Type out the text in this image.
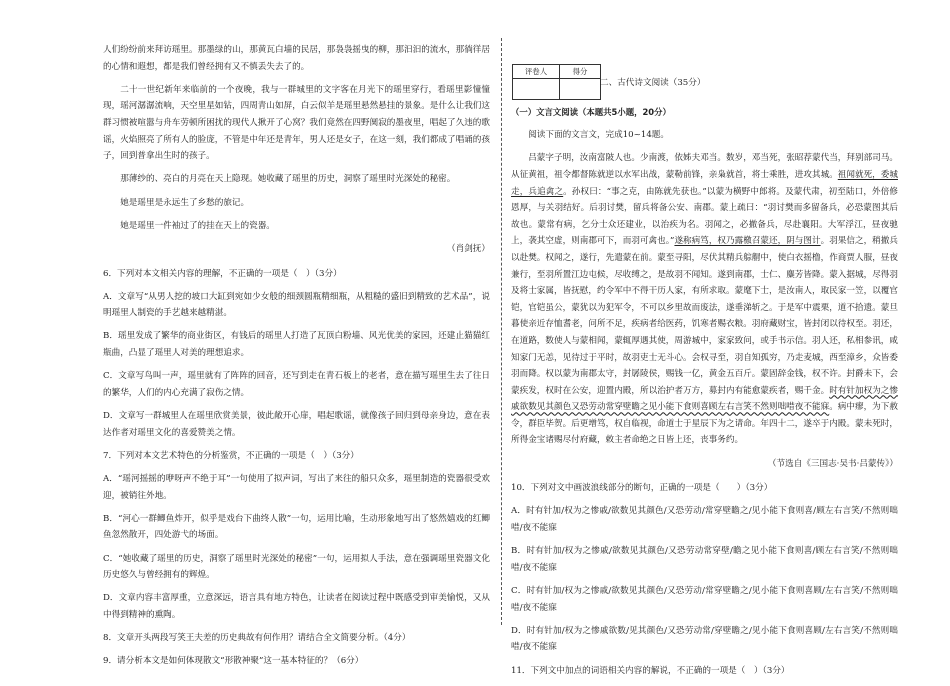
人们纷纷前来拜访瑶里。那墨绿的山，那黄瓦白墙的民居，那袅袅摇曳的柳，那汩汩的流水，那徜徉居的心情和遐想，都是我们曾经拥有又不慎丢失去了的。

二十一世纪新年来临前的一个夜晚，我与一群城里的文字客在月光下的瑶里穿行，看瑶里影憧憧现，瑶河潺潺流响，天空里星如钻，四周青山如屏，白云似羊是瑶里悬然悬挂的景象。是什么让我们这群习惯被喧嚣与舟车劳顿所困扰的现代人揪开了心窝？我们竟然在四野阒寂的墨夜里，唱起了久违的歌谣，火焰照亮了所有人的脸庞，不管是中年还是青年，男人还是女子，在这一刻，我们都成了唱诵的孩子，回到普拿出生时的孩子。

那薄纱的、亮白的月亮在天上隐现。她收藏了瑶里的历史，洞察了瑶里时光深处的秘密。

她是瑶里是永远生了乡愁的旅记。

她是瑶里一件袖过了的挂在天上的瓷器。

（肖剑抚）

6．下列对本文相关内容的理解，不正确的一项是（　）（3分）

A．文章写“从男人挖的坡口大缸到宛如少女般的细颈圆瓶精细瓶，从粗糙的盛旧到精致的艺术品”，说明瑶里人制瓷的手艺越来越精湛。

B．瑶里发成了繁华的商业街区，有钱后的瑶里人打造了瓦顶白粉墙、风光优美的家园，还建止猫猫红瓶曲，凸显了瑶里人对美的理想追求。

C．文章写鸟叫一声，瑶里就有了阵阵的回音，还写到走在青石板上的老者，意在描写瑶里生去了往日的繁华，人们的内心充满了寂伤之情。

D．文章写一群城里人在瑶里欣赏美景，彼此敞开心扉，唱起歌谣，就像孩子回归到母亲身边，意在表达作者对瑶里文化的喜爱赞美之情。

7．下列对本文艺术特色的分析鉴赏，不正确的一项是（　）（3分）

A．“瑶河摇摇的咿呀声不绝于耳”一句使用了拟声词，写出了来往的船只众多，瑶里制造的瓷器很受欢迎，被销往外地。

B．“河心一群鲫鱼炸开，似乎是戏台下曲终人散”一句，运用比喻，生动形象地写出了悠然嬉戏的红鲫鱼忽然散开，四处游弋的场面。

C．“她收藏了瑶里的历史，洞察了瑶里时光深处的秘密”一句，运用拟人手法，意在强调瑶里瓷器文化历史悠久与曾经拥有的辉煌。

D．文章内容丰富厚重，立意深远，语言具有地方特色，让读者在阅读过程中既感受到审美愉悦，又从中得到精神的熏陶。

8．文章开头两段写笑王夫差的历史典故有何作用？请结合全文简要分析。（4分）

9．请分析本文是如何体现散文“形散神聚”这一基本特征的？（6分）

评卷人	得分

二、古代诗文阅读（35分）

（一）文言文阅读（本题共5小题，20分）

阅读下面的文言文，完成10~14题。

吕蒙字子明，汝南富陂人也。少南渡，依姊夫邓当。数岁，邓当死，张昭荐蒙代当，拜别部司马。从征黄祖，祖令都督陈就逆以水军出战，蒙勒前锋，亲枭就首，将士乘胜，进攻其城。祖闻就死，委城走，兵追禽之。孙权曰：“事之克，由陈就先获也。”以蒙为横野中郎将。及蒙代肃，初至陆口，外倍修恩厚，与关羽结好。后羽讨樊，留兵将备公安、南郡。蒙上疏曰：“羽讨樊而多留备兵，必恐蒙图其后故也。蒙常有病，乞分士众还建业，以治疾为名。羽闻之，必撤备兵，尽赴襄阳。大军浮江，昼夜驰上，袭其空虚，则南郡可下，而羽可禽也。”遂称病笃，权乃露檄召蒙还，阴与图计。羽果信之，稍撤兵以赴樊。权闻之，遂行，先遣蒙在前。蒙至寻阳，尽伏其精兵䑸䑵中，使白衣摇橹，作商贾人服，昼夜兼行，至羽所置江边屯候，尽收缚之，是故羽不闻知。遂到南郡，士仁、麋芳皆降。蒙入据城，尽得羽及将士家属，皆抚慰，约令军中不得干历人家，有所求取。蒙麾下士，是汝南人，取民家一笠，以覆官铠，官铠虽公，蒙犹以为犯军令，不可以乡里故而废法，遂垂涕斩之。于是军中震栗，道不拾遗。蒙旦暮使亲近存恤耆老，问所不足，疾病者给医药，饥寒者赐衣粮。羽府藏财宝，皆封闭以待权至。羽还，在道路，数使人与蒙相闻，蒙辄厚遇其使，周游城中，家家致问，或手书示信。羽人还，私相参讯，咸知家门无恙，见待过于平时，故羽吏士无斗心。会权寻至，羽自知孤穷，乃走麦城，西至漳乡，众皆委羽而降。权以蒙为南郡太守，封孱陵侯，赐钱一亿，黄金五百斤。蒙固辞金钱，权不许。封爵未下，会蒙疾发，权时在公安，迎置内殿，所以治护者万方，募封内有能愈蒙疾者，赐千金。时有针加权为之惨戚欲数见其颜色又恐劳动常穿壁瞻之见小能下食则喜顾左右言笑不然则咄唶夜不能寐。病中瘳，为下赦令，群臣毕贺。后更增笃，权自临视，命道士于星辰下为之请命。年四十二，遂卒于内殿。蒙未死时，所得金宝诸赐尽付府藏，敕主者命绝之日皆上还，丧事务约。

（节选自《三国志·吴书·吕蒙传》）

10．下列对文中画波浪线部分的断句，正确的一项是（　　）（3分）

A．时有针加/权为之惨戚/欲数见其颜色/又恐劳动/常穿壁瞻之/见小能下食则喜/顾左右言笑/不然则咄唶/夜不能寐

B．时有针加/权为之惨戚/欲数见其颜色/又恐劳动常穿壁/瞻之见小能下食则喜/顾左右言笑/不然则咄唶/夜不能寐

C．时有针加/权为之惨戚/欲数见其颜色/又恐劳动/常穿壁瞻之/见小能下食则喜顾/左右言笑/不然则咄唶/夜不能寐

D．时有针加/权为之惨戚欲数/见其颜色/又恐劳动常/穿壁瞻之/见小能下食则喜顾/左右言笑/不然则咄唶/夜不能寐

11．下列文中加点的词语相关内容的解说，不正确的一项是（　）（3分）
